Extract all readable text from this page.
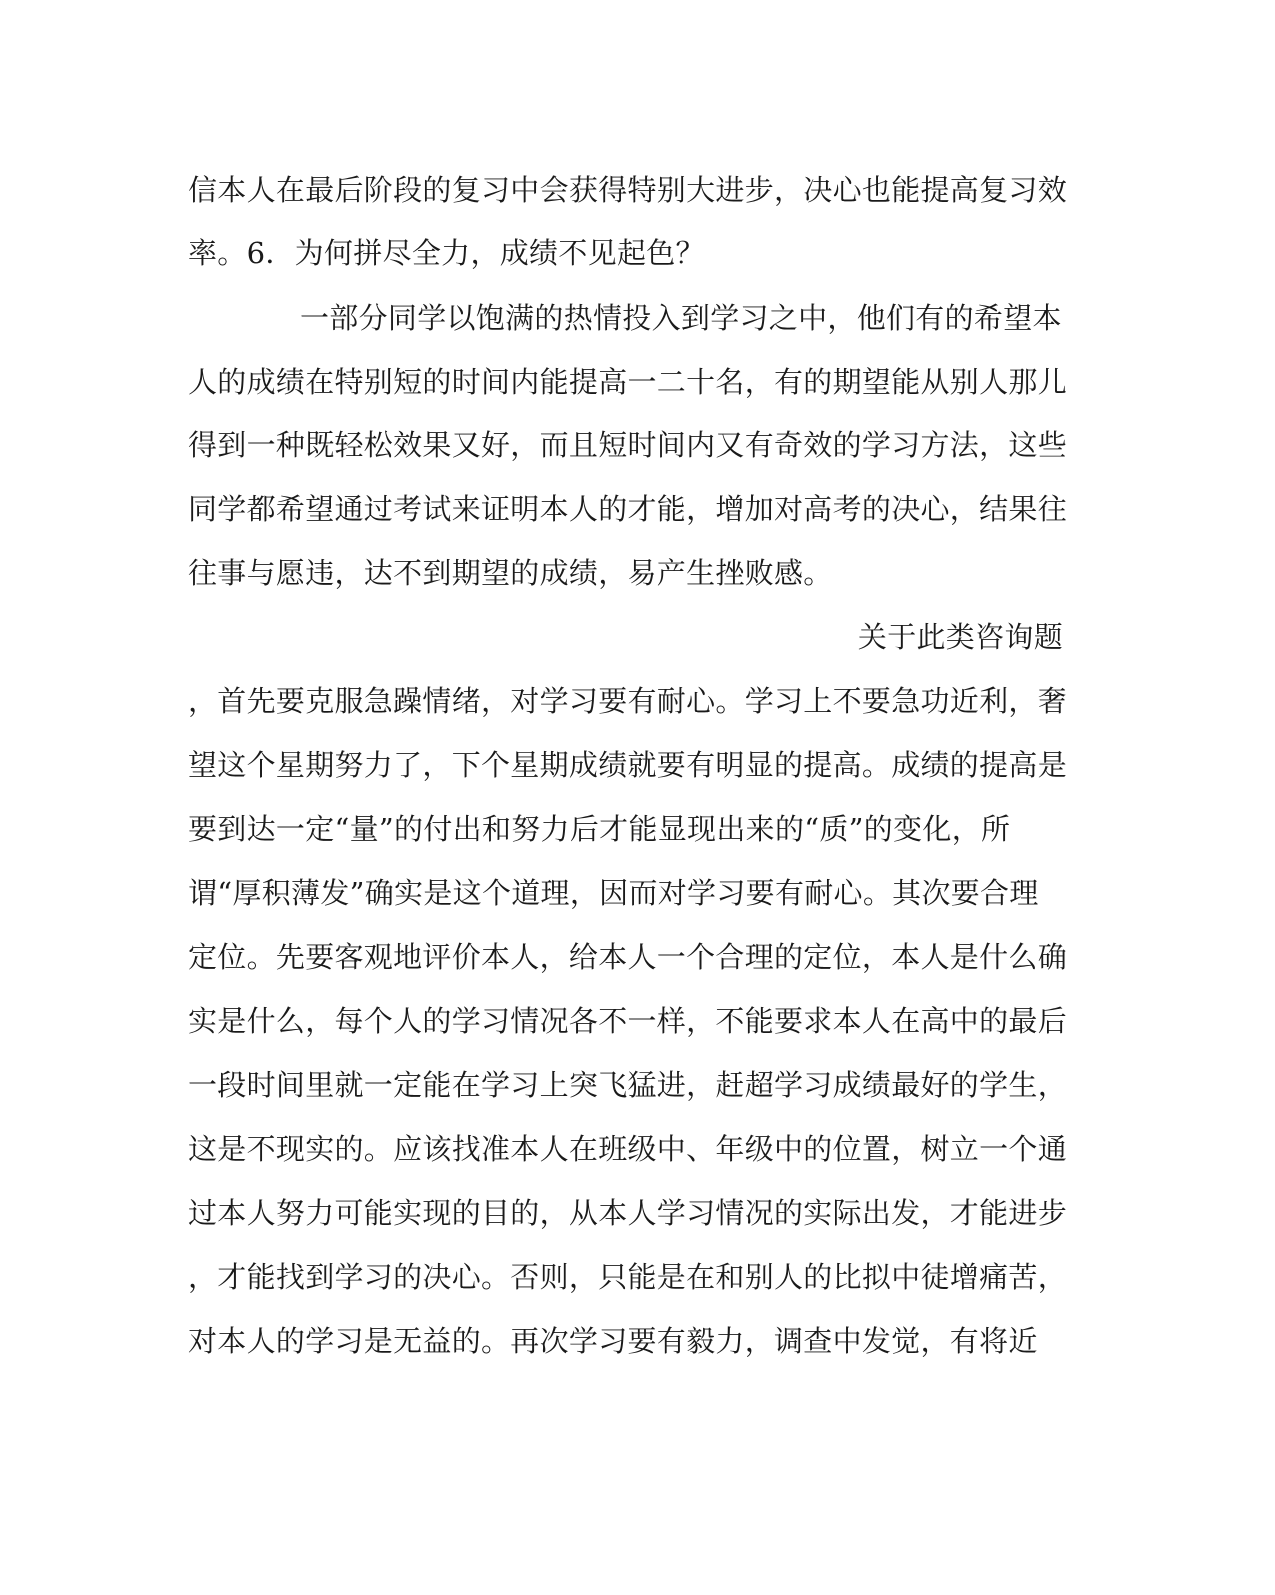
信本人在最后阶段的复习中会获得特别大进步，决心也能提高复习效
率。6．为何拼尽全力，成绩不见起色？
一部分同学以饱满的热情投入到学习之中，他们有的希望本
人的成绩在特别短的时间内能提高一二十名，有的期望能从别人那儿
得到一种既轻松效果又好，而且短时间内又有奇效的学习方法，这些
同学都希望通过考试来证明本人的才能，增加对高考的决心，结果往
往事与愿违，达不到期望的成绩，易产生挫败感。
关于此类咨询题
，首先要克服急躁情绪，对学习要有耐心。学习上不要急功近利，奢
望这个星期努力了，下个星期成绩就要有明显的提高。成绩的提高是
要到达一定“量”的付出和努力后才能显现出来的“质”的变化，所
谓“厚积薄发”确实是这个道理，因而对学习要有耐心。其次要合理
定位。先要客观地评价本人，给本人一个合理的定位，本人是什么确
实是什么，每个人的学习情况各不一样，不能要求本人在高中的最后
一段时间里就一定能在学习上突飞猛进，赶超学习成绩最好的学生，
这是不现实的。应该找准本人在班级中、年级中的位置，树立一个通
过本人努力可能实现的目的，从本人学习情况的实际出发，才能进步
，才能找到学习的决心。否则，只能是在和别人的比拟中徒增痛苦，
对本人的学习是无益的。再次学习要有毅力，调查中发觉，有将近
